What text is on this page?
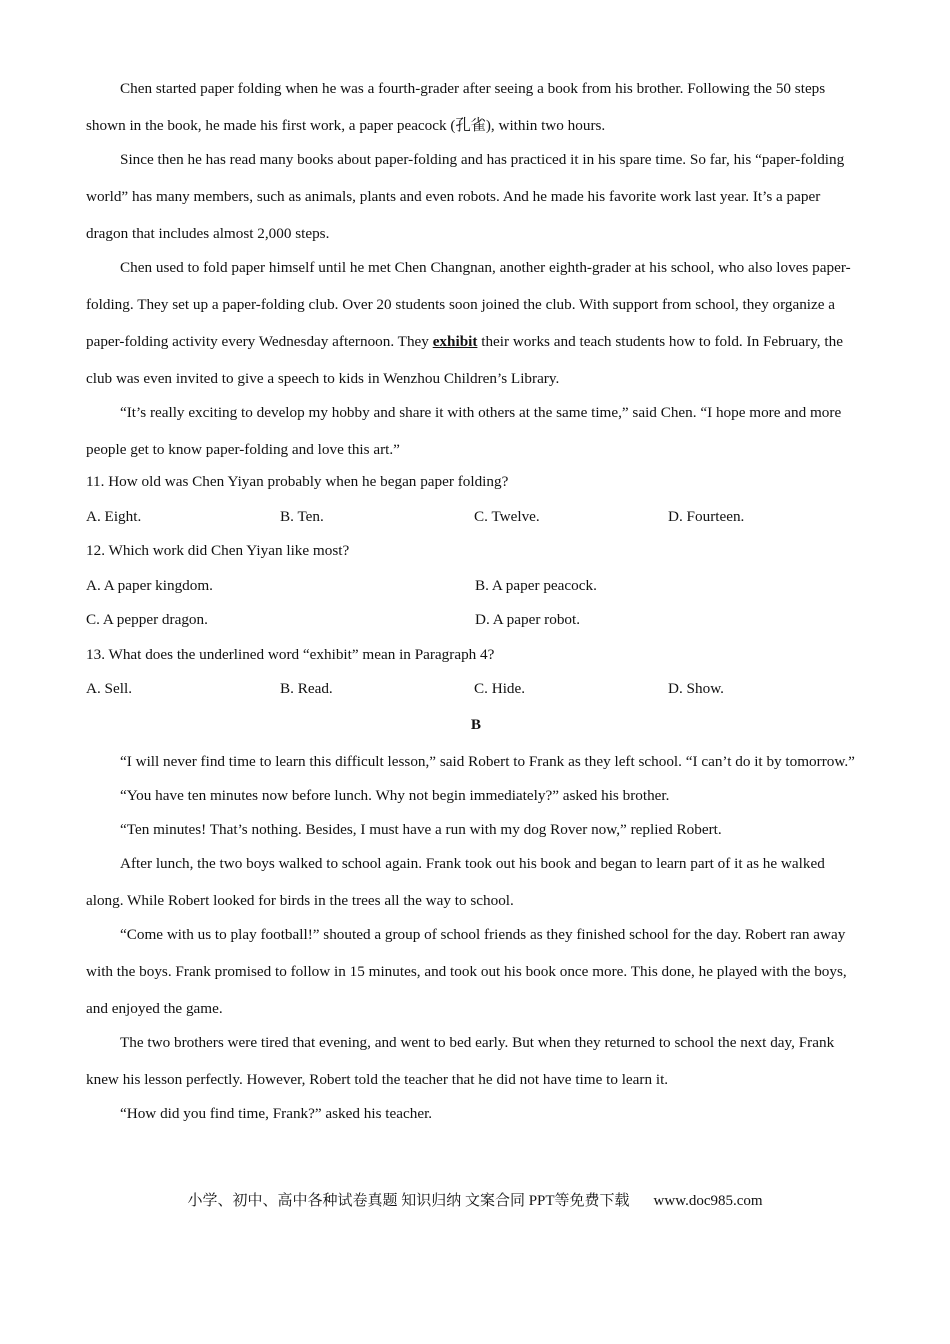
Chen started paper folding when he was a fourth-grader after seeing a book from his brother. Following the 50 steps shown in the book, he made his first work, a paper peacock (孔雀), within two hours.

Since then he has read many books about paper-folding and has practiced it in his spare time. So far, his “paper-folding world” has many members, such as animals, plants and even robots. And he made his favorite work last year. It’s a paper dragon that includes almost 2,000 steps.

Chen used to fold paper himself until he met Chen Changnan, another eighth-grader at his school, who also loves paper-folding. They set up a paper-folding club. Over 20 students soon joined the club. With support from school, they organize a paper-folding activity every Wednesday afternoon. They exhibit their works and teach students how to fold. In February, the club was even invited to give a speech to kids in Wenzhou Children’s Library.

“It’s really exciting to develop my hobby and share it with others at the same time,” said Chen. “I hope more and more people get to know paper-folding and love this art.”

11. How old was Chen Yiyan probably when he began paper folding?

A. Eight.	B. Ten.	C. Twelve.	D. Fourteen.

12. Which work did Chen Yiyan like most?

A. A paper kingdom.	B. A paper peacock.
C. A pepper dragon.	D. A paper robot.

13. What does the underlined word “exhibit” mean in Paragraph 4?

A. Sell.	B. Read.	C. Hide.	D. Show.

B

“I will never find time to learn this difficult lesson,” said Robert to Frank as they left school. “I can’t do it by tomorrow.”

“You have ten minutes now before lunch. Why not begin immediately?” asked his brother.

“Ten minutes! That’s nothing. Besides, I must have a run with my dog Rover now,” replied Robert.

After lunch, the two boys walked to school again. Frank took out his book and began to learn part of it as he walked along. While Robert looked for birds in the trees all the way to school.

“Come with us to play football!” shouted a group of school friends as they finished school for the day. Robert ran away with the boys. Frank promised to follow in 15 minutes, and took out his book once more. This done, he played with the boys, and enjoyed the game.

The two brothers were tired that evening, and went to bed early. But when they returned to school the next day, Frank knew his lesson perfectly. However, Robert told the teacher that he did not have time to learn it.

“How did you find time, Frank?” asked his teacher.

小学、初中、高中各种试卷真题 知识归纳 文案合同 PPT等免费下载 www.doc985.com
